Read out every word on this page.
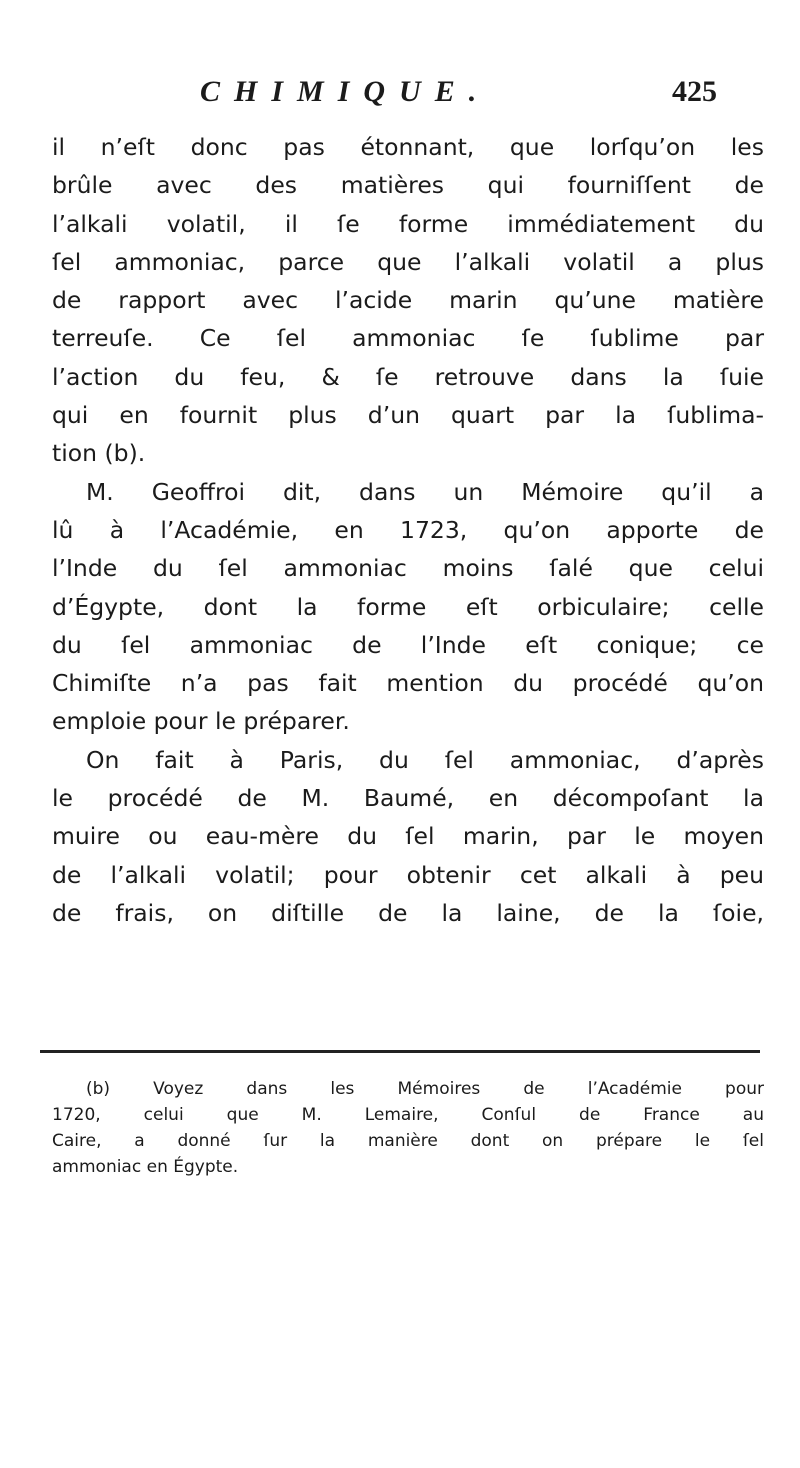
CHIMIQUE.	425

il n’eſt donc pas étonnant, que lorſqu’on les
brûle avec des matières qui fourniſſent de
l’alkali volatil, il ſe forme immédiatement du
ſel ammoniac, parce que l’alkali volatil a plus
de rapport avec l’acide marin qu’une matière
terreuſe. Ce ſel ammoniac ſe ſublime par
l’action du feu, & ſe retrouve dans la ſuie
qui en fournit plus d’un quart par la ſublima-
tion (b).

M. Geoffroi dit, dans un Mémoire qu’il a
lû à l’Académie, en 1723, qu’on apporte de
l’Inde du ſel ammoniac moins ſalé que celui
d’Égypte, dont la forme eſt orbiculaire; celle
du ſel ammoniac de l’Inde eſt conique; ce
Chimiſte n’a pas fait mention du procédé qu’on
emploie pour le préparer.

On fait à Paris, du ſel ammoniac, d’après
le procédé de M. Baumé, en décompoſant la
muire ou eau-mère du ſel marin, par le moyen
de l’alkali volatil; pour obtenir cet alkali à peu
de frais, on diſtille de la laine, de la ſoie,

(b) Voyez dans les Mémoires de l’Académie pour
1720, celui que M. Lemaire, Conſul de France au
Caire, a donné ſur la manière dont on prépare le ſel
ammoniac en Égypte.
